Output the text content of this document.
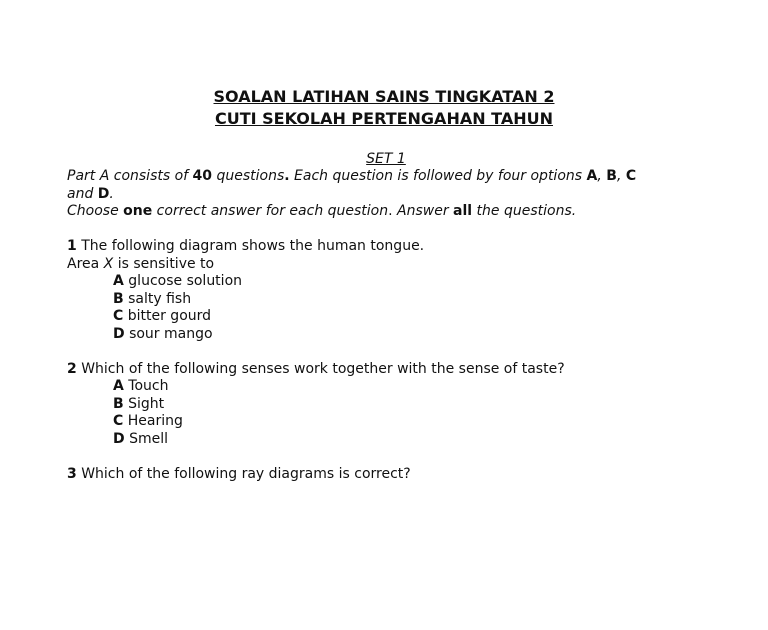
SOALAN LATIHAN SAINS TINGKATAN 2
CUTI SEKOLAH PERTENGAHAN TAHUN
SET 1
Part A consists of 40 questions. Each question is followed by four options A, B, C
and D.
Choose one correct answer for each question. Answer all the questions.
1 The following diagram shows the human tongue.
Area X is sensitive to
A glucose solution
B salty fish
C bitter gourd
D sour mango
2 Which of the following senses work together with the sense of taste?
A Touch
B Sight
C Hearing
D Smell
3 Which of the following ray diagrams is correct?
